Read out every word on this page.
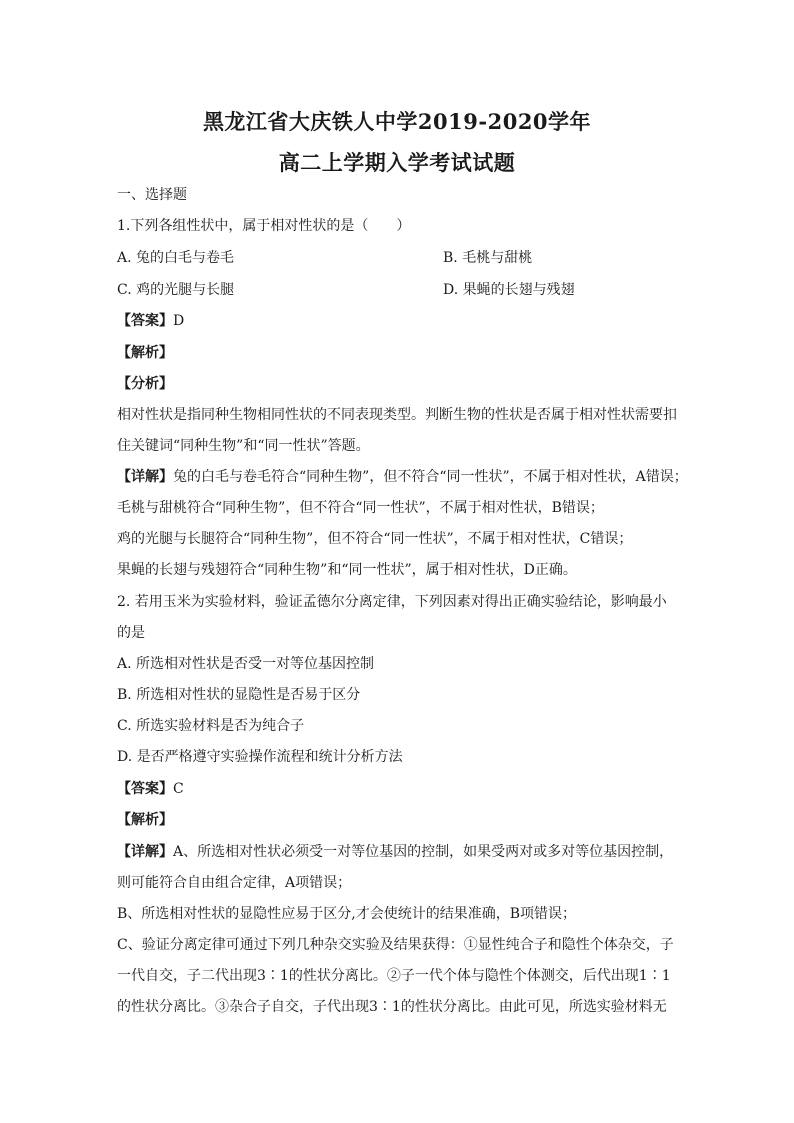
黑龙江省大庆铁人中学2019-2020学年
高二上学期入学考试试题
一、选择题
1.下列各组性状中，属于相对性状的是（　　）
A. 兔的白毛与卷毛	B. 毛桃与甜桃
C. 鸡的光腿与长腿	D. 果蝇的长翅与残翅
【答案】D
【解析】
【分析】
相对性状是指同种生物相同性状的不同表现类型。判断生物的性状是否属于相对性状需要扣
住关键词“同种生物”和“同一性状”答题。
【详解】兔的白毛与卷毛符合“同种生物”，但不符合“同一性状”，不属于相对性状，A错误；
毛桃与甜桃符合“同种生物”，但不符合“同一性状”，不属于相对性状，B错误；
鸡的光腿与长腿符合“同种生物”，但不符合“同一性状”，不属于相对性状，C错误；
果蝇的长翅与残翅符合“同种生物”和“同一性状”，属于相对性状，D正确。
2. 若用玉米为实验材料，验证孟德尔分离定律，下列因素对得出正确实验结论，影响最小
的是
A. 所选相对性状是否受一对等位基因控制
B. 所选相对性状的显隐性是否易于区分
C. 所选实验材料是否为纯合子
D. 是否严格遵守实验操作流程和统计分析方法
【答案】C
【解析】
【详解】A、所选相对性状必须受一对等位基因的控制，如果受两对或多对等位基因控制，
则可能符合自由组合定律，A项错误；
B、所选相对性状的显隐性应易于区分,才会使统计的结果准确，B项错误；
C、验证分离定律可通过下列几种杂交实验及结果获得：①显性纯合子和隐性个体杂交，子
一代自交，子二代出现3∶1的性状分离比。②子一代个体与隐性个体测交，后代出现1∶1
的性状分离比。③杂合子自交，子代出现3∶1的性状分离比。由此可见，所选实验材料无
